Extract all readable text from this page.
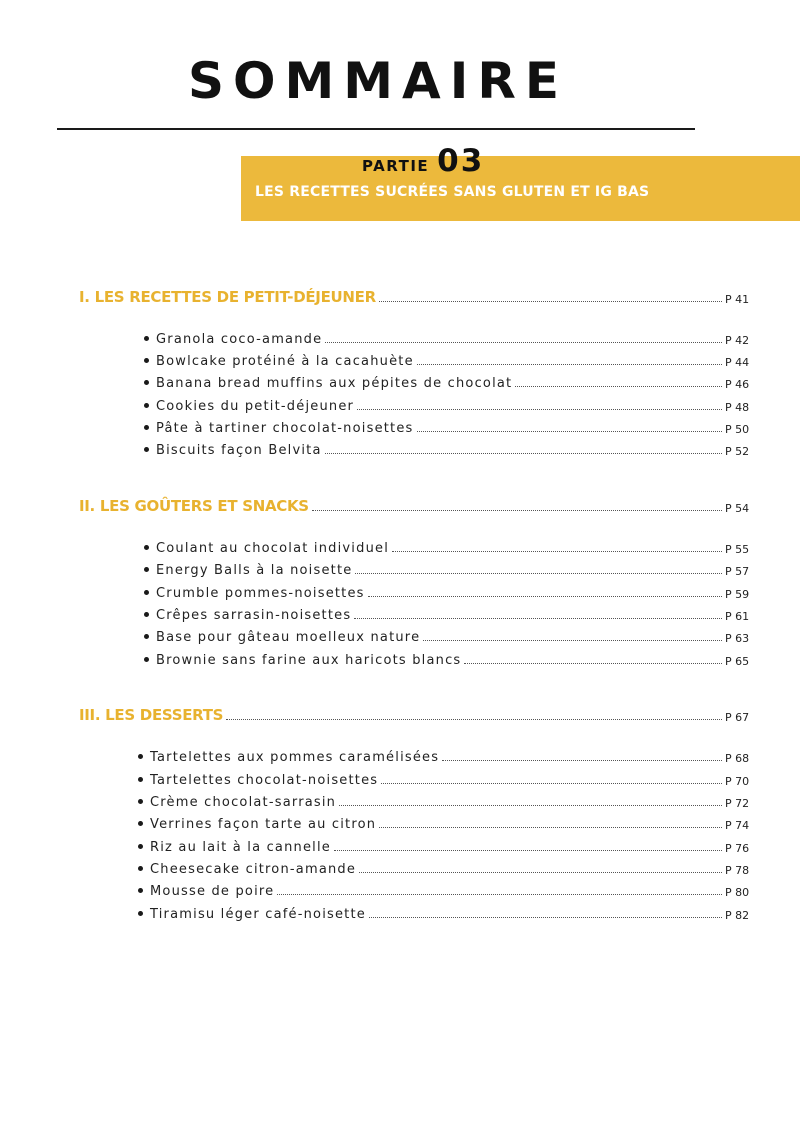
SOMMAIRE
PARTIE 03
LES RECETTES SUCRÉES SANS GLUTEN ET IG BAS
I. LES RECETTES DE PETIT-DÉJEUNER	P 41
Granola coco-amande	P 42
Bowlcake protéiné à la cacahuète	P 44
Banana bread muffins aux pépites de chocolat	P 46
Cookies du petit-déjeuner	P 48
Pâte à tartiner chocolat-noisettes	P 50
Biscuits façon Belvita	P 52
II. LES GOÛTERS ET SNACKS	P 54
Coulant au chocolat individuel	P 55
Energy Balls à la noisette	P 57
Crumble pommes-noisettes	P 59
Crêpes sarrasin-noisettes	P 61
Base pour gâteau moelleux nature	P 63
Brownie sans farine aux haricots blancs	P 65
III. LES DESSERTS	P 67
Tartelettes aux pommes caramélisées	P 68
Tartelettes chocolat-noisettes	P 70
Crème chocolat-sarrasin	P 72
Verrines façon tarte au citron	P 74
Riz au lait à la cannelle	P 76
Cheesecake citron-amande	P 78
Mousse de poire	P 80
Tiramisu léger café-noisette	P 82
